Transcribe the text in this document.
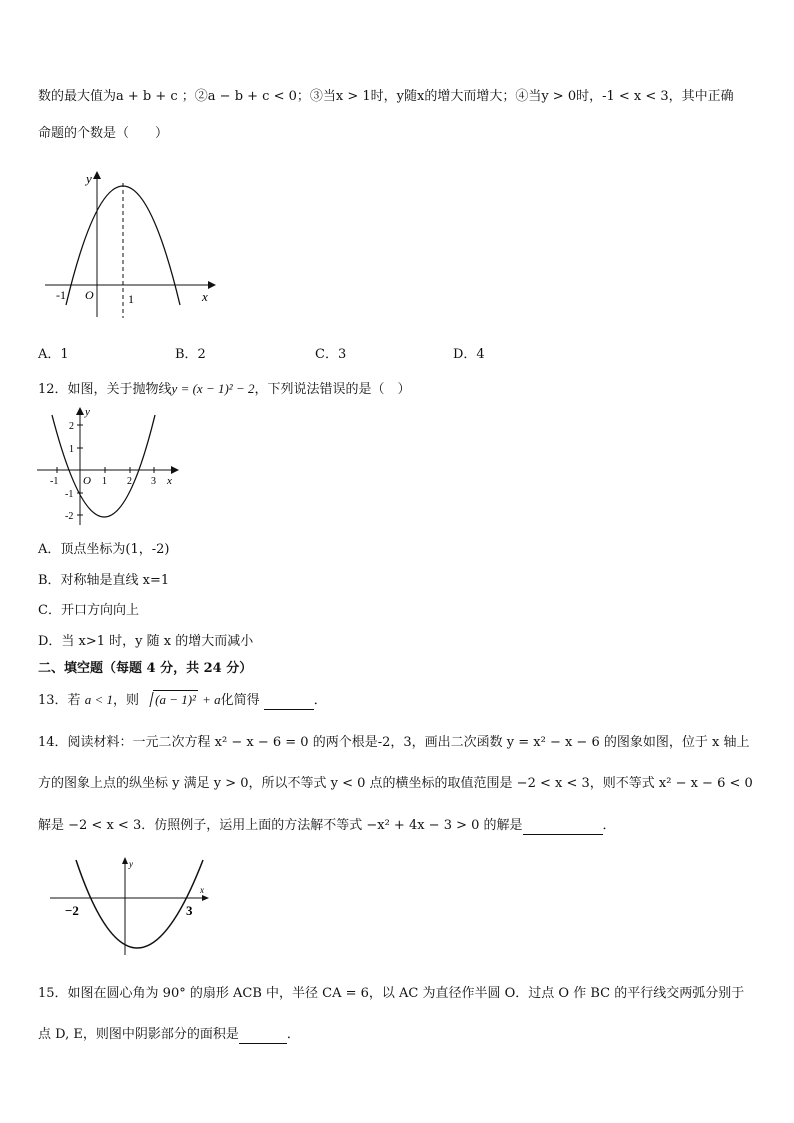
数的最大值为a + b + c ；②a − b + c < 0；③当x > 1时，y随x的增大而增大；④当y > 0时，-1 < x < 3，其中正确
命题的个数是（　　）
y
x
O
-1	1
A．1	B．2	C．3	D．4
12．如图，关于抛物线y = (x − 1)² − 2，下列说法错误的是（　）
y
x
O
-1	1 2 3
2
1
-1
-2
A．顶点坐标为(1，-2)
B．对称轴是直线 x=1
C．开口方向向上
D．当 x>1 时，y 随 x 的增大而减小
二、填空题（每题 4 分，共 24 分）
13．若 a < 1，则 (a − 1)² + a化简得	．
14．阅读材料：一元二次方程 x² − x − 6 = 0 的两个根是-2，3，画出二次函数 y = x² − x − 6 的图象如图，位于 x 轴上
方的图象上点的纵坐标 y 满足 y > 0，所以不等式 y < 0 点的横坐标的取值范围是 −2 < x < 3，则不等式 x² − x − 6 < 0
解是 −2 < x < 3．仿照例子，运用上面的方法解不等式 −x² + 4x − 3 > 0 的解是	．
x
y
−2	3
15．如图在圆心角为 90° 的扇形 ACB 中，半径 CA = 6，以 AC 为直径作半圆 O．过点 O 作 BC 的平行线交两弧分别于
点 D, E，则图中阴影部分的面积是	．
